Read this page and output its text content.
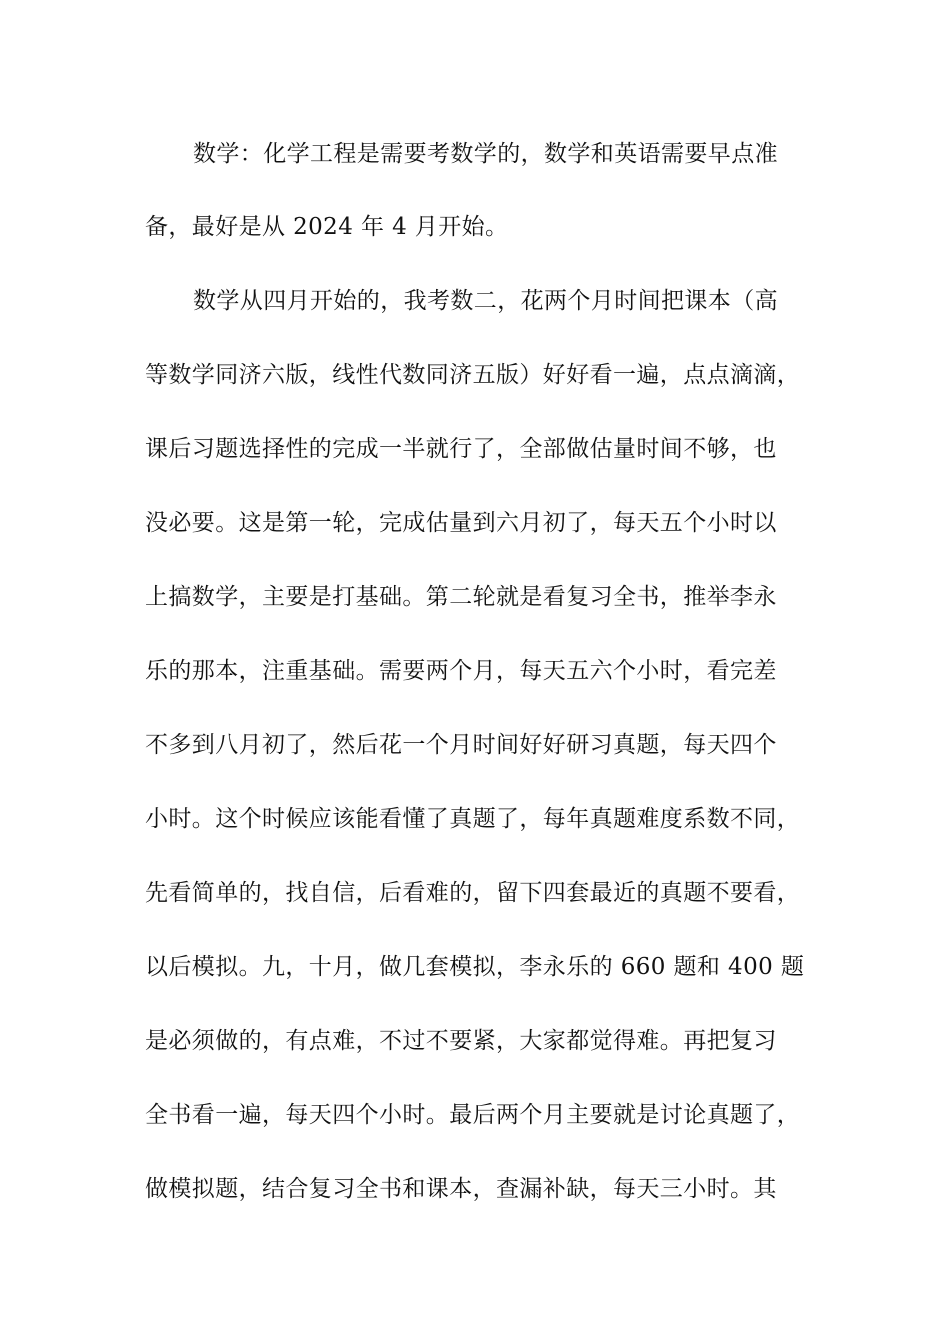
数学：化学工程是需要考数学的，数学和英语需要早点准
备，最好是从 2024 年 4 月开始。
数学从四月开始的，我考数二，花两个月时间把课本（高
等数学同济六版，线性代数同济五版）好好看一遍，点点滴滴，
课后习题选择性的完成一半就行了，全部做估量时间不够，也
没必要。这是第一轮，完成估量到六月初了，每天五个小时以
上搞数学，主要是打基础。第二轮就是看复习全书，推举李永
乐的那本，注重基础。需要两个月，每天五六个小时，看完差
不多到八月初了，然后花一个月时间好好研习真题，每天四个
小时。这个时候应该能看懂了真题了，每年真题难度系数不同，
先看简单的，找自信，后看难的，留下四套最近的真题不要看，
以后模拟。九，十月，做几套模拟，李永乐的 660 题和 400 题
是必须做的，有点难，不过不要紧，大家都觉得难。再把复习
全书看一遍，每天四个小时。最后两个月主要就是讨论真题了，
做模拟题，结合复习全书和课本，查漏补缺，每天三小时。其
